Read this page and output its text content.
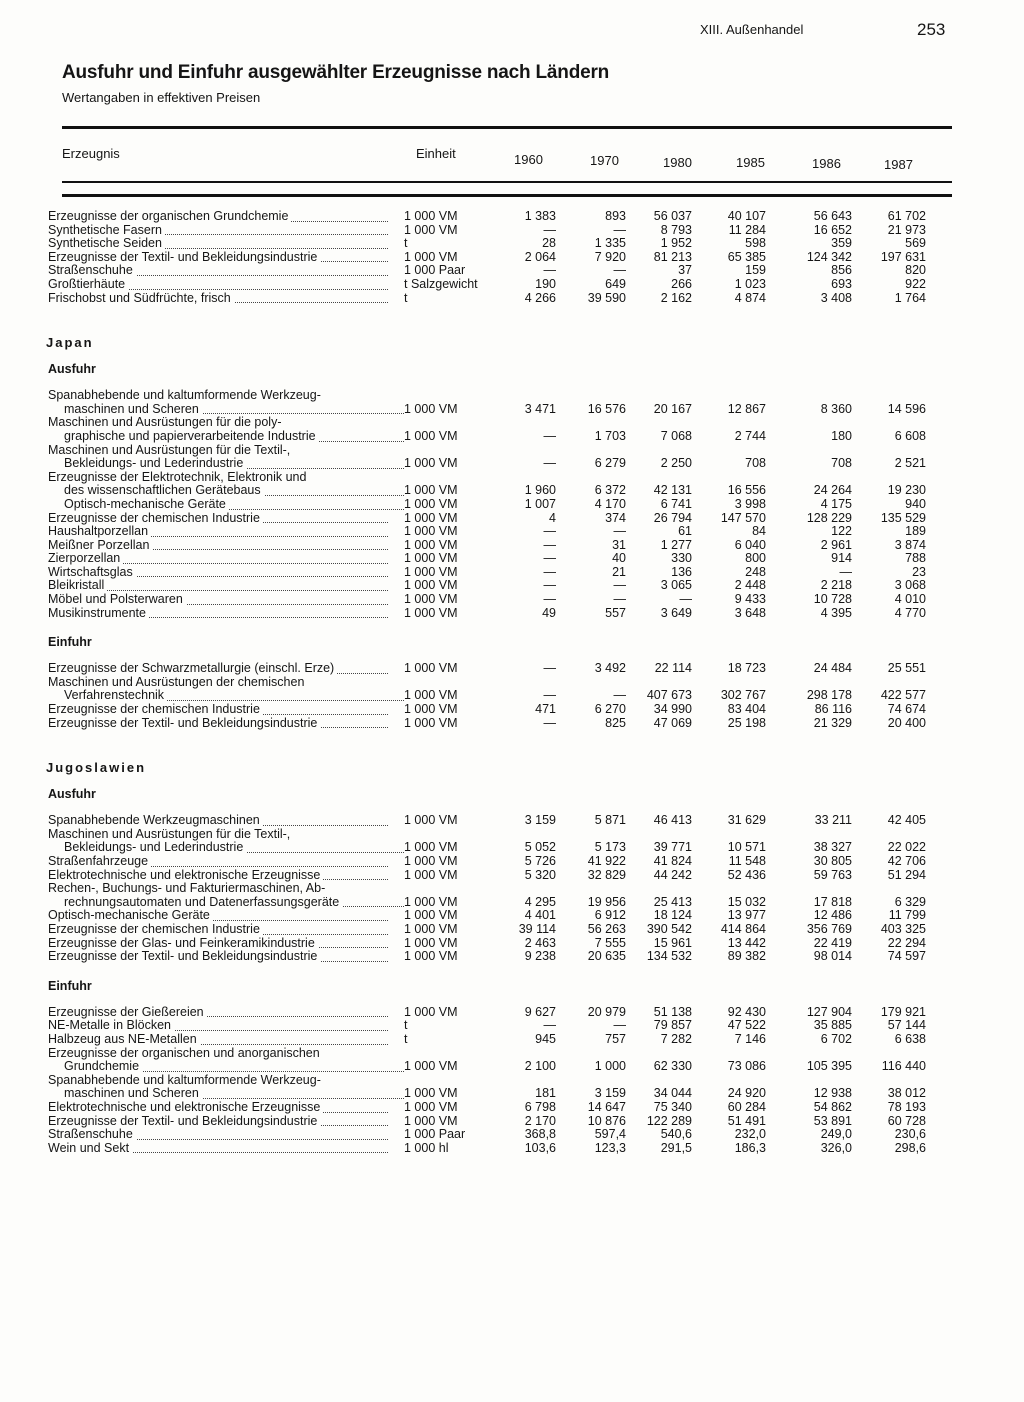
XIII. Außenhandel	253
Ausfuhr und Einfuhr ausgewählter Erzeugnisse nach Ländern
Wertangaben in effektiven Preisen
Erzeugnis	Einheit	1960	1970	1980	1985	1986	1987
Erzeugnisse der organischen Grundchemie	1 000 VM	1 383	893	56 037	40 107	56 643	61 702
Synthetische Fasern	1 000 VM	—	—	8 793	11 284	16 652	21 973
Synthetische Seiden	t	28	1 335	1 952	598	359	569
Erzeugnisse der Textil- und Bekleidungsindustrie	1 000 VM	2 064	7 920	81 213	65 385	124 342	197 631
Straßenschuhe	1 000 Paar	—	—	37	159	856	820
Großtierhäute	t Salzgewicht	190	649	266	1 023	693	922
Frischobst und Südfrüchte, frisch	t	4 266	39 590	2 162	4 874	3 408	1 764
Japan
Ausfuhr
Spanabhebende und kaltumformende Werkzeug-
maschinen und Scheren	1 000 VM	3 471	16 576	20 167	12 867	8 360	14 596
Maschinen und Ausrüstungen für die poly-
graphische und papierverarbeitende Industrie	1 000 VM	—	1 703	7 068	2 744	180	6 608
Maschinen und Ausrüstungen für die Textil-,
Bekleidungs- und Lederindustrie	1 000 VM	—	6 279	2 250	708	708	2 521
Erzeugnisse der Elektrotechnik, Elektronik und
des wissenschaftlichen Gerätebaus	1 000 VM	1 960	6 372	42 131	16 556	24 264	19 230
Optisch-mechanische Geräte	1 000 VM	1 007	4 170	6 741	3 998	4 175	940
Erzeugnisse der chemischen Industrie	1 000 VM	4	374	26 794	147 570	128 229	135 529
Haushaltporzellan	1 000 VM	—	—	61	84	122	189
Meißner Porzellan	1 000 VM	—	31	1 277	6 040	2 961	3 874
Zierporzellan	1 000 VM	—	40	330	800	914	788
Wirtschaftsglas	1 000 VM	—	21	136	248	—	23
Bleikristall	1 000 VM	—	—	3 065	2 448	2 218	3 068
Möbel und Polsterwaren	1 000 VM	—	—	—	9 433	10 728	4 010
Musikinstrumente	1 000 VM	49	557	3 649	3 648	4 395	4 770
Einfuhr
Erzeugnisse der Schwarzmetallurgie (einschl. Erze)	1 000 VM	—	3 492	22 114	18 723	24 484	25 551
Maschinen und Ausrüstungen der chemischen
Verfahrenstechnik	1 000 VM	—	—	407 673	302 767	298 178	422 577
Erzeugnisse der chemischen Industrie	1 000 VM	471	6 270	34 990	83 404	86 116	74 674
Erzeugnisse der Textil- und Bekleidungsindustrie	1 000 VM	—	825	47 069	25 198	21 329	20 400
Jugoslawien
Ausfuhr
Spanabhebende Werkzeugmaschinen	1 000 VM	3 159	5 871	46 413	31 629	33 211	42 405
Maschinen und Ausrüstungen für die Textil-,
Bekleidungs- und Lederindustrie	1 000 VM	5 052	5 173	39 771	10 571	38 327	22 022
Straßenfahrzeuge	1 000 VM	5 726	41 922	41 824	11 548	30 805	42 706
Elektrotechnische und elektronische Erzeugnisse	1 000 VM	5 320	32 829	44 242	52 436	59 763	51 294
Rechen-, Buchungs- und Fakturiermaschinen, Ab-
rechnungsautomaten und Datenerfassungsgeräte	1 000 VM	4 295	19 956	25 413	15 032	17 818	6 329
Optisch-mechanische Geräte	1 000 VM	4 401	6 912	18 124	13 977	12 486	11 799
Erzeugnisse der chemischen Industrie	1 000 VM	39 114	56 263	390 542	414 864	356 769	403 325
Erzeugnisse der Glas- und Feinkeramikindustrie	1 000 VM	2 463	7 555	15 961	13 442	22 419	22 294
Erzeugnisse der Textil- und Bekleidungsindustrie	1 000 VM	9 238	20 635	134 532	89 382	98 014	74 597
Einfuhr
Erzeugnisse der Gießereien	1 000 VM	9 627	20 979	51 138	92 430	127 904	179 921
NE-Metalle in Blöcken	t	—	—	79 857	47 522	35 885	57 144
Halbzeug aus NE-Metallen	t	945	757	7 282	7 146	6 702	6 638
Erzeugnisse der organischen und anorganischen
Grundchemie	1 000 VM	2 100	1 000	62 330	73 086	105 395	116 440
Spanabhebende und kaltumformende Werkzeug-
maschinen und Scheren	1 000 VM	181	3 159	34 044	24 920	12 938	38 012
Elektrotechnische und elektronische Erzeugnisse	1 000 VM	6 798	14 647	75 340	60 284	54 862	78 193
Erzeugnisse der Textil- und Bekleidungsindustrie	1 000 VM	2 170	10 876	122 289	51 491	53 891	60 728
Straßenschuhe	1 000 Paar	368,8	597,4	540,6	232,0	249,0	230,6
Wein und Sekt	1 000 hl	103,6	123,3	291,5	186,3	326,0	298,6
